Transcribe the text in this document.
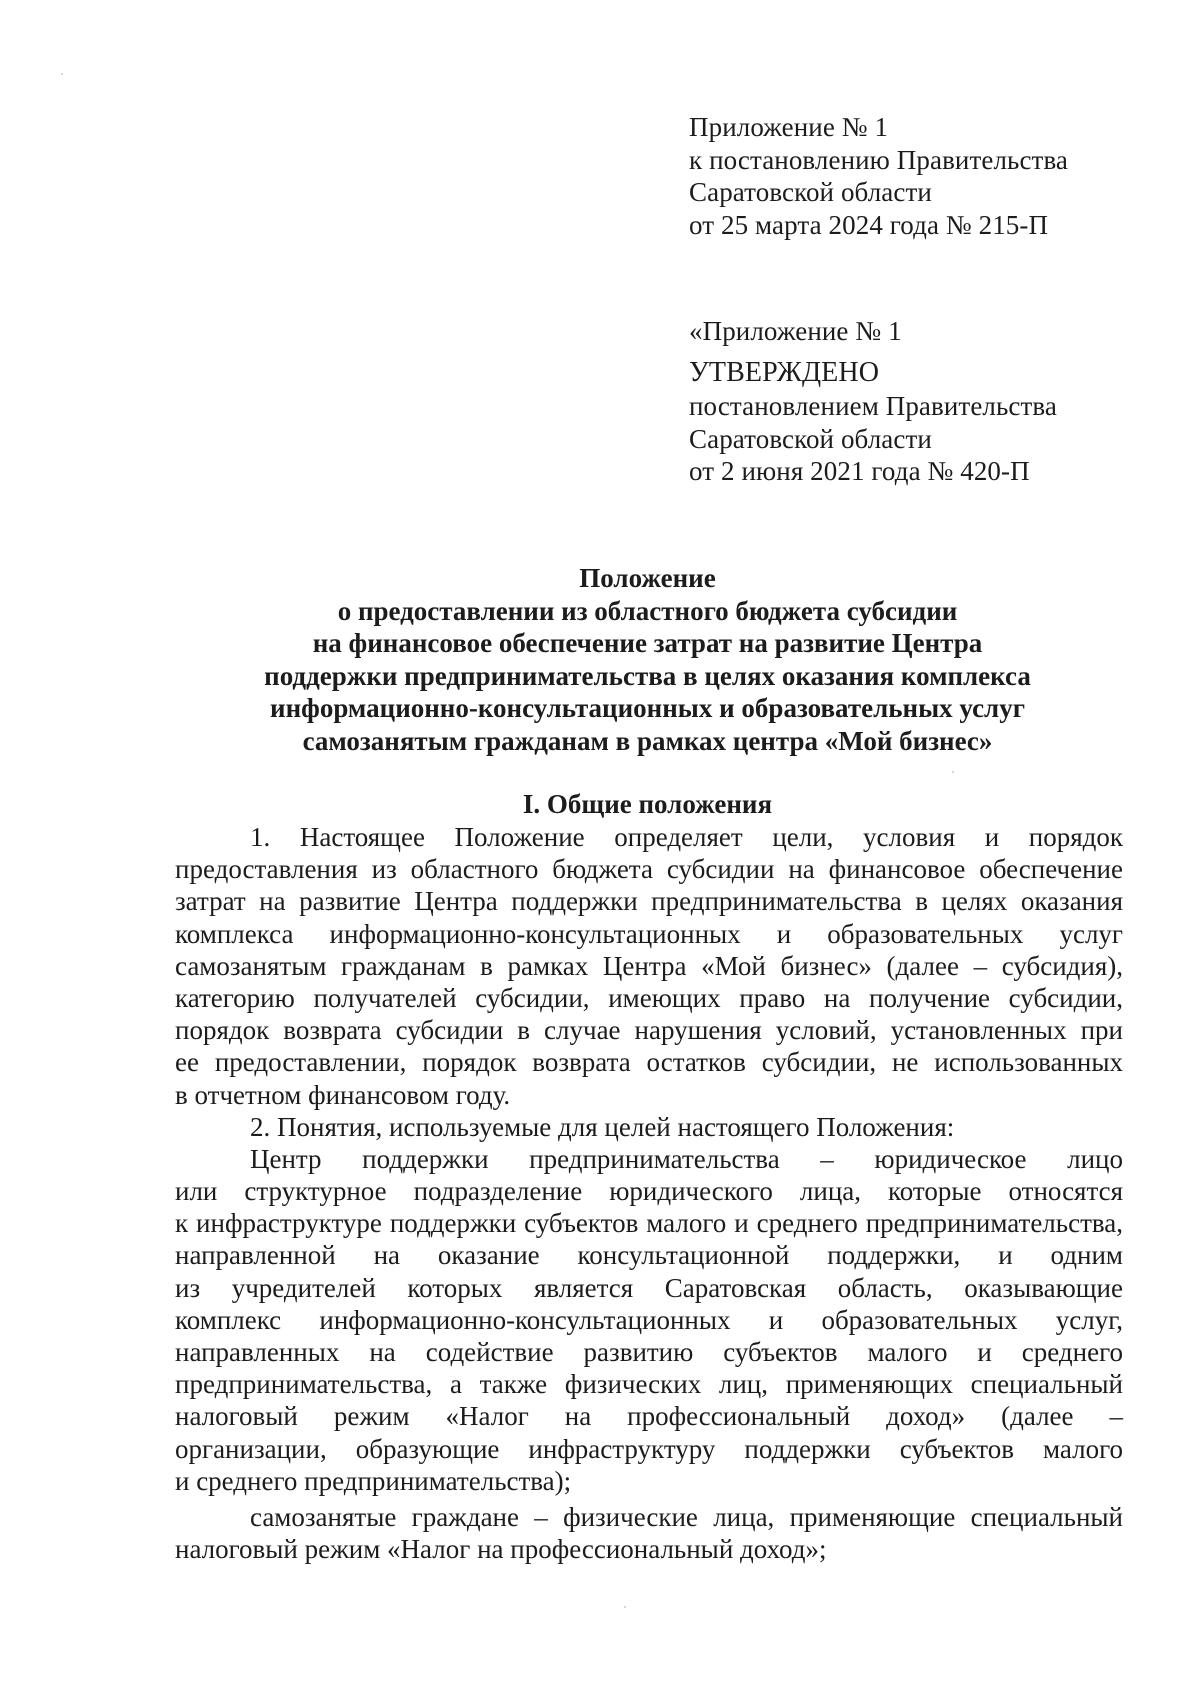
Приложение № 1
к постановлению Правительства
Саратовской области
от 25 марта 2024 года № 215-П
«Приложение № 1
УТВЕРЖДЕНО
постановлением Правительства
Саратовской области
от 2 июня 2021 года № 420-П
Положение
о предоставлении из областного бюджета субсидии
на финансовое обеспечение затрат на развитие Центра
поддержки предпринимательства в целях оказания комплекса
информационно-консультационных и образовательных услуг
самозанятым гражданам в рамках центра «Мой бизнес»
I. Общие положения
1. Настоящее Положение определяет цели, условия и порядок
предоставления из областного бюджета субсидии на финансовое обеспечение
затрат на развитие Центра поддержки предпринимательства в целях оказания
комплекса информационно-консультационных и образовательных услуг
самозанятым гражданам в рамках Центра «Мой бизнес» (далее – субсидия),
категорию получателей субсидии, имеющих право на получение субсидии,
порядок возврата субсидии в случае нарушения условий, установленных при
ее предоставлении, порядок возврата остатков субсидии, не использованных
в отчетном финансовом году.
2. Понятия, используемые для целей настоящего Положения:
Центр поддержки предпринимательства – юридическое лицо
или структурное подразделение юридического лица, которые относятся
к инфраструктуре поддержки субъектов малого и среднего предпринимательства,
направленной на оказание консультационной поддержки, и одним
из учредителей которых является Саратовская область, оказывающие
комплекс информационно-консультационных и образовательных услуг,
направленных на содействие развитию субъектов малого и среднего
предпринимательства, а также физических лиц, применяющих специальный
налоговый режим «Налог на профессиональный доход» (далее –
организации, образующие инфраструктуру поддержки субъектов малого
и среднего предпринимательства);
самозанятые граждане – физические лица, применяющие специальный
налоговый режим «Налог на профессиональный доход»;
